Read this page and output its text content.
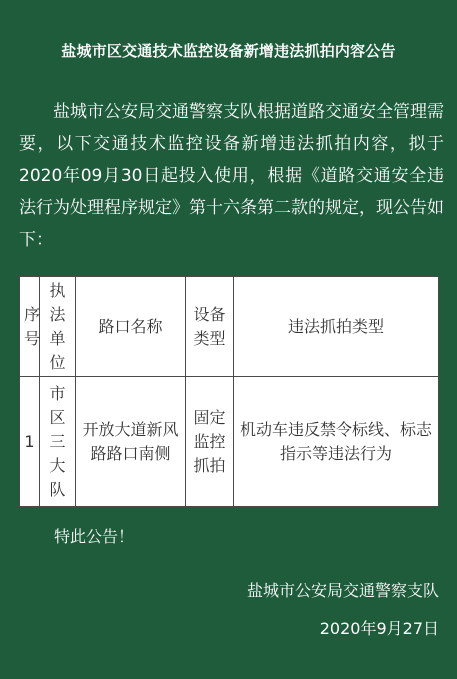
盐城市区交通技术监控设备新增违法抓拍内容公告

盐城市公安局交通警察支队根据道路交通安全管理需要，以下交通技术监控设备新增违法抓拍内容，拟于2020年09月30日起投入使用，根据《道路交通安全违法行为处理程序规定》第十六条第二款的规定，现公告如下：

序号	执法单位	路口名称	设备类型	违法抓拍类型
1	市区三大队	开放大道新风路路口南侧	固定监控抓拍	机动车违反禁令标线、标志指示等违法行为
特此公告！
盐城市公安局交通警察支队
2020年9月27日
